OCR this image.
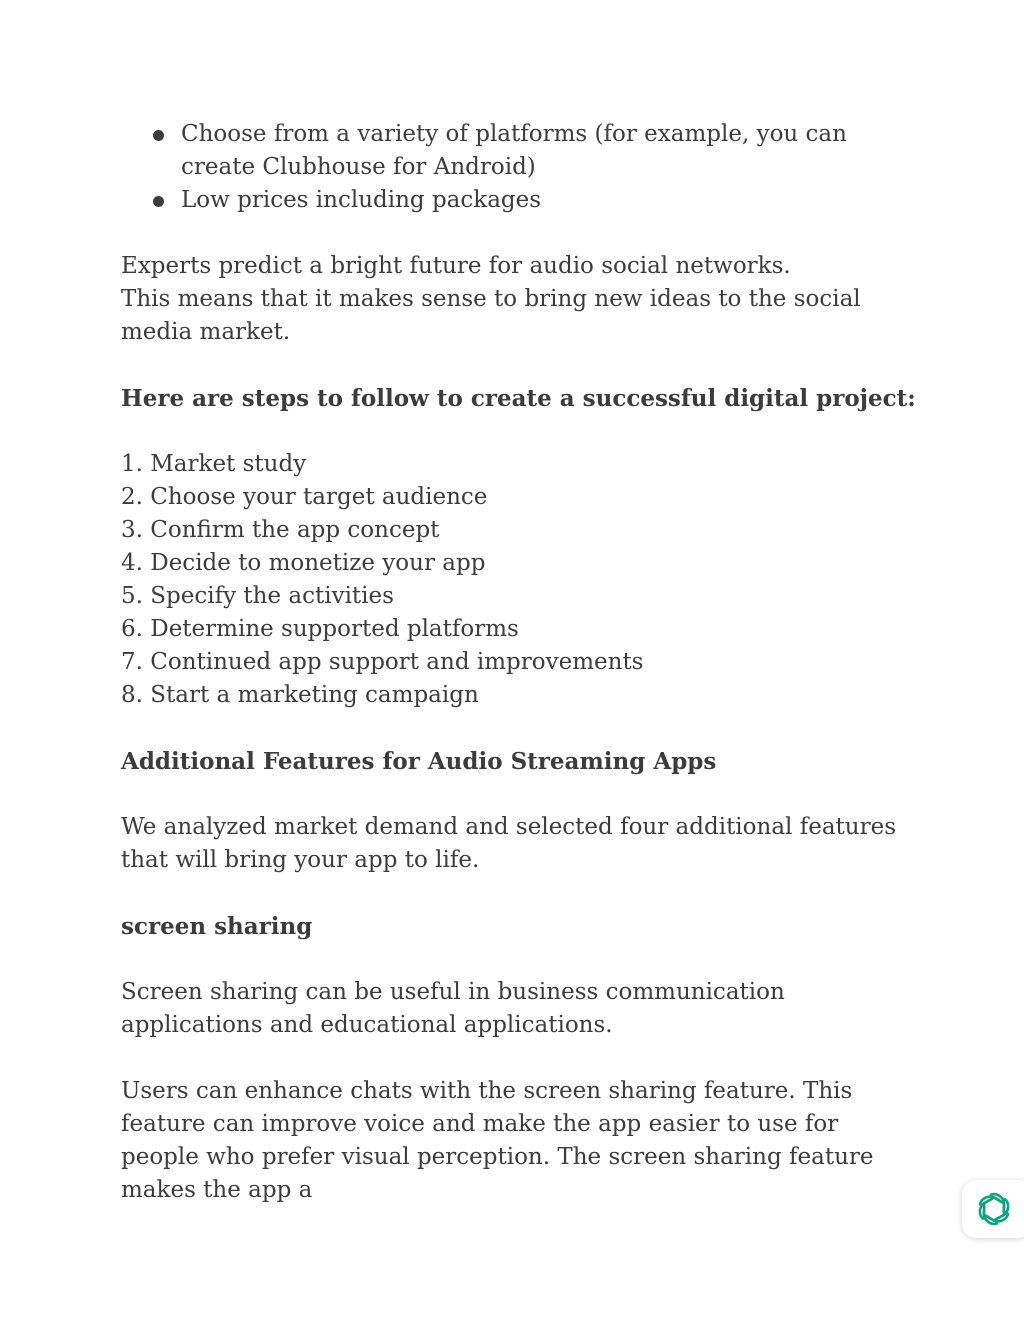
Choose from a variety of platforms (for example, you can create Clubhouse for Android)
Low prices including packages

Experts predict a bright future for audio social networks.

This means that it makes sense to bring new ideas to the social media market.

Here are steps to follow to create a successful digital project:

1. Market study
2. Choose your target audience
3. Confirm the app concept
4. Decide to monetize your app
5. Specify the activities
6. Determine supported platforms
7. Continued app support and improvements
8. Start a marketing campaign

Additional Features for Audio Streaming Apps

We analyzed market demand and selected four additional features that will bring your app to life.

screen sharing

Screen sharing can be useful in business communication applications and educational applications.

Users can enhance chats with the screen sharing feature. This feature can improve voice and make the app easier to use for people who prefer visual perception. The screen sharing feature makes the app a
